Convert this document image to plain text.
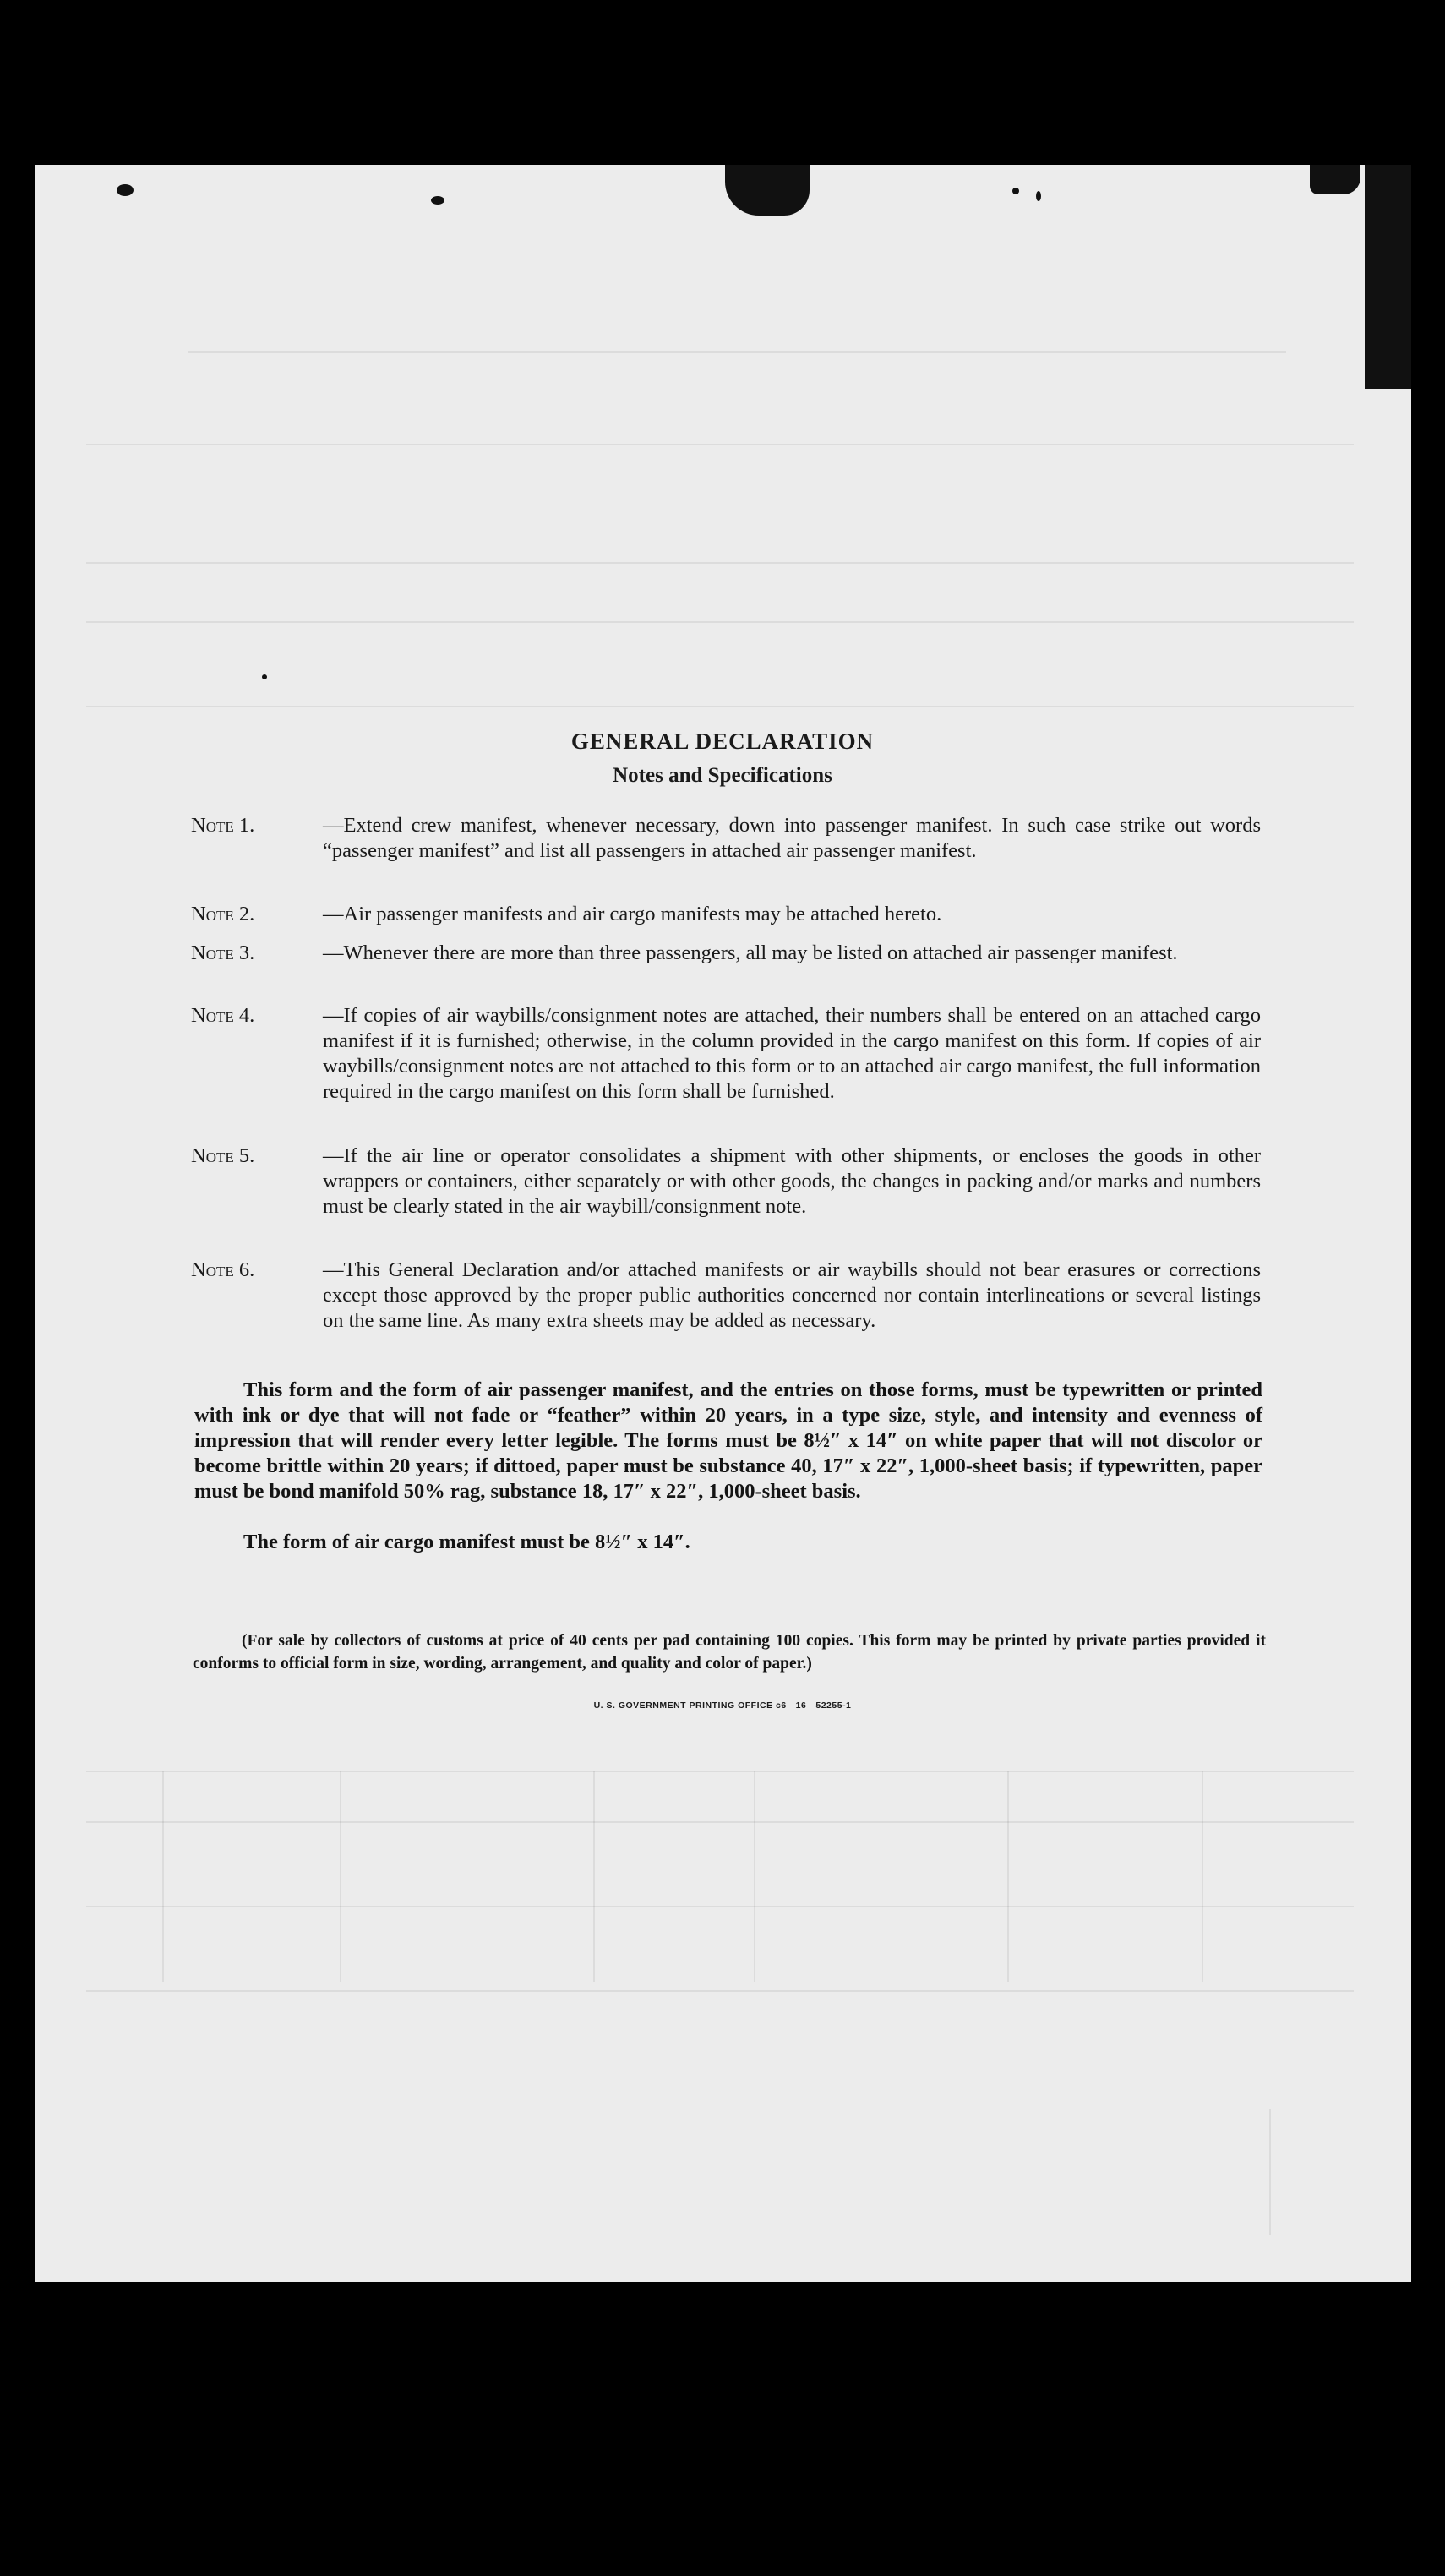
GENERAL DECLARATION
Notes and Specifications
Note 1.	—Extend crew manifest, whenever necessary, down into passenger manifest. In such case strike out words “passenger manifest” and list all passengers in attached air passenger manifest.
Note 2.	—Air passenger manifests and air cargo manifests may be attached hereto.
Note 3.	—Whenever there are more than three passengers, all may be listed on attached air passenger manifest.
Note 4.	—If copies of air waybills/consignment notes are attached, their numbers shall be entered on an attached cargo manifest if it is furnished; otherwise, in the column provided in the cargo manifest on this form. If copies of air waybills/consignment notes are not attached to this form or to an attached air cargo manifest, the full information required in the cargo manifest on this form shall be furnished.
Note 5.	—If the air line or operator consolidates a shipment with other shipments, or encloses the goods in other wrappers or containers, either separately or with other goods, the changes in packing and/or marks and numbers must be clearly stated in the air waybill/consignment note.
Note 6.	—This General Declaration and/or attached manifests or air waybills should not bear erasures or corrections except those approved by the proper public authorities concerned nor contain interlineations or several listings on the same line. As many extra sheets may be added as necessary.
This form and the form of air passenger manifest, and the entries on those forms, must be typewritten or printed with ink or dye that will not fade or “feather” within 20 years, in a type size, style, and intensity and evenness of impression that will render every letter legible. The forms must be 8½″ x 14″ on white paper that will not discolor or become brittle within 20 years; if dittoed, paper must be substance 40, 17″ x 22″, 1,000-sheet basis; if typewritten, paper must be bond manifold 50% rag, substance 18, 17″ x 22″, 1,000-sheet basis.
The form of air cargo manifest must be 8½″ x 14″.
(For sale by collectors of customs at price of 40 cents per pad containing 100 copies. This form may be printed by private parties provided it conforms to official form in size, wording, arrangement, and quality and color of paper.)
U. S. GOVERNMENT PRINTING OFFICE c6—16—52255-1
